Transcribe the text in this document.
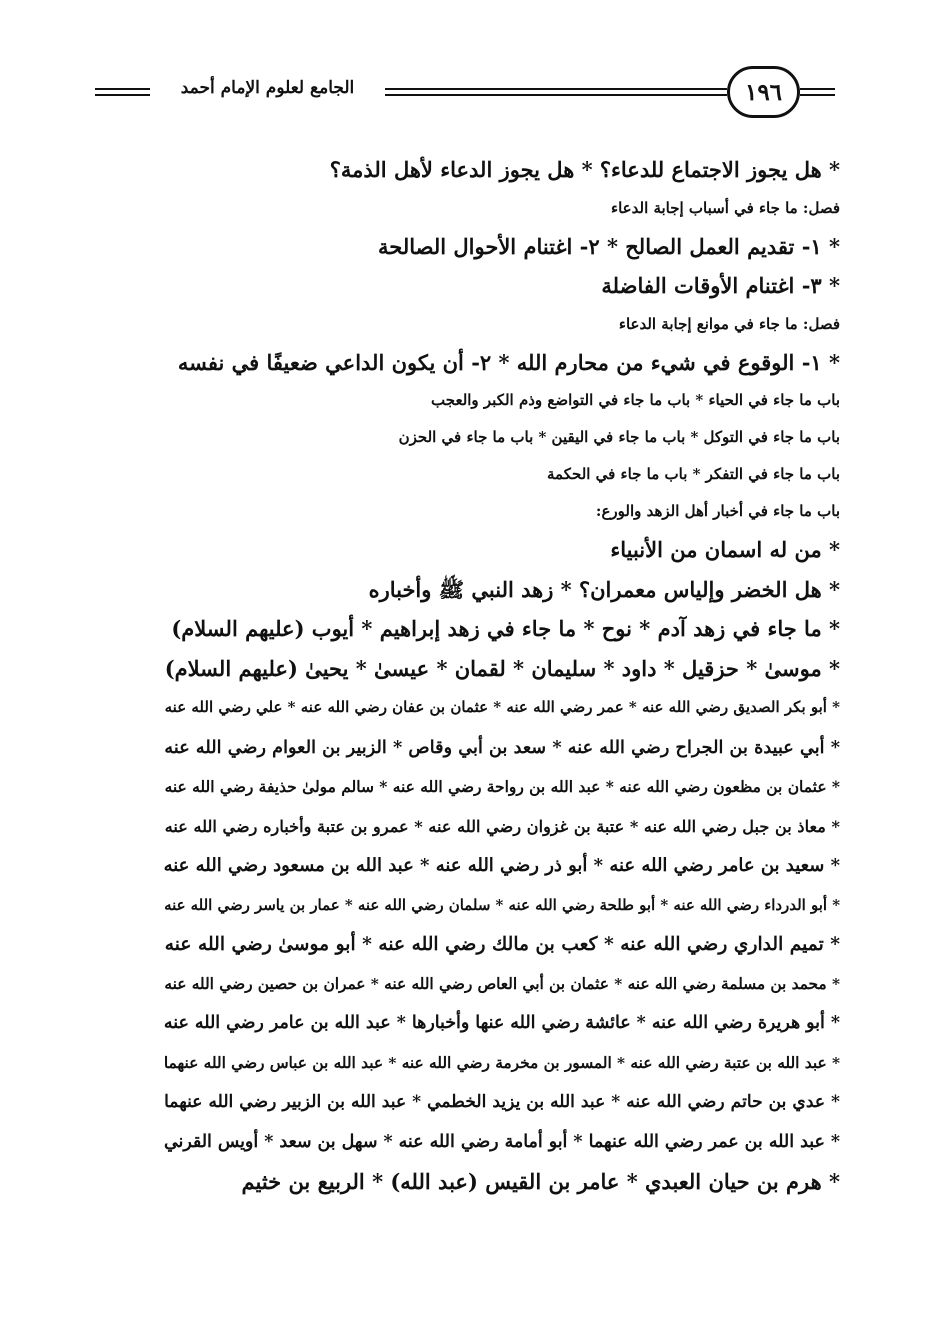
الجامع لعلوم الإمام أحمد	١٩٦
* هل يجوز الاجتماع للدعاء؟ * هل يجوز الدعاء لأهل الذمة؟
فصل: ما جاء في أسباب إجابة الدعاء
* ١- تقديم العمل الصالح * ٢- اغتنام الأحوال الصالحة
* ٣- اغتنام الأوقات الفاضلة
فصل: ما جاء في موانع إجابة الدعاء
* ١- الوقوع في شيء من محارم الله * ٢- أن يكون الداعي ضعيفًا في نفسه
باب ما جاء في الحياء * باب ما جاء في التواضع وذم الكبر والعجب
باب ما جاء في التوكل * باب ما جاء في اليقين * باب ما جاء في الحزن
باب ما جاء في التفكر * باب ما جاء في الحكمة
باب ما جاء في أخبار أهل الزهد والورع:
* من له اسمان من الأنبياء
* هل الخضر وإلياس معمران؟ * زهد النبي ﷺ وأخباره
* ما جاء في زهد آدم * نوح * ما جاء في زهد إبراهيم * أيوب (عليهم السلام)
* موسىٰ * حزقيل * داود * سليمان * لقمان * عيسىٰ * يحيىٰ (عليهم السلام)
* أبو بكر الصديق رضي الله عنه * عمر رضي الله عنه * عثمان بن عفان رضي الله عنه * علي رضي الله عنه
* أبي عبيدة بن الجراح رضي الله عنه * سعد بن أبي وقاص * الزبير بن العوام رضي الله عنه
* عثمان بن مظعون رضي الله عنه * عبد الله بن رواحة رضي الله عنه * سالم مولىٰ حذيفة رضي الله عنه
* معاذ بن جبل رضي الله عنه * عتبة بن غزوان رضي الله عنه * عمرو بن عتبة وأخباره رضي الله عنه
* سعيد بن عامر رضي الله عنه * أبو ذر رضي الله عنه * عبد الله بن مسعود رضي الله عنه
* أبو الدرداء رضي الله عنه * أبو طلحة رضي الله عنه * سلمان رضي الله عنه * عمار بن ياسر رضي الله عنه
* تميم الداري رضي الله عنه * كعب بن مالك رضي الله عنه * أبو موسىٰ رضي الله عنه
* محمد بن مسلمة رضي الله عنه * عثمان بن أبي العاص رضي الله عنه * عمران بن حصين رضي الله عنه
* أبو هريرة رضي الله عنه * عائشة رضي الله عنها وأخبارها * عبد الله بن عامر رضي الله عنه
* عبد الله بن عتبة رضي الله عنه * المسور بن مخرمة رضي الله عنه * عبد الله بن عباس رضي الله عنهما
* عدي بن حاتم رضي الله عنه * عبد الله بن يزيد الخطمي * عبد الله بن الزبير رضي الله عنهما
* عبد الله بن عمر رضي الله عنهما * أبو أمامة رضي الله عنه * سهل بن سعد * أويس القرني
* هرم بن حيان العبدي * عامر بن القيس (عبد الله) * الربيع بن خثيم
